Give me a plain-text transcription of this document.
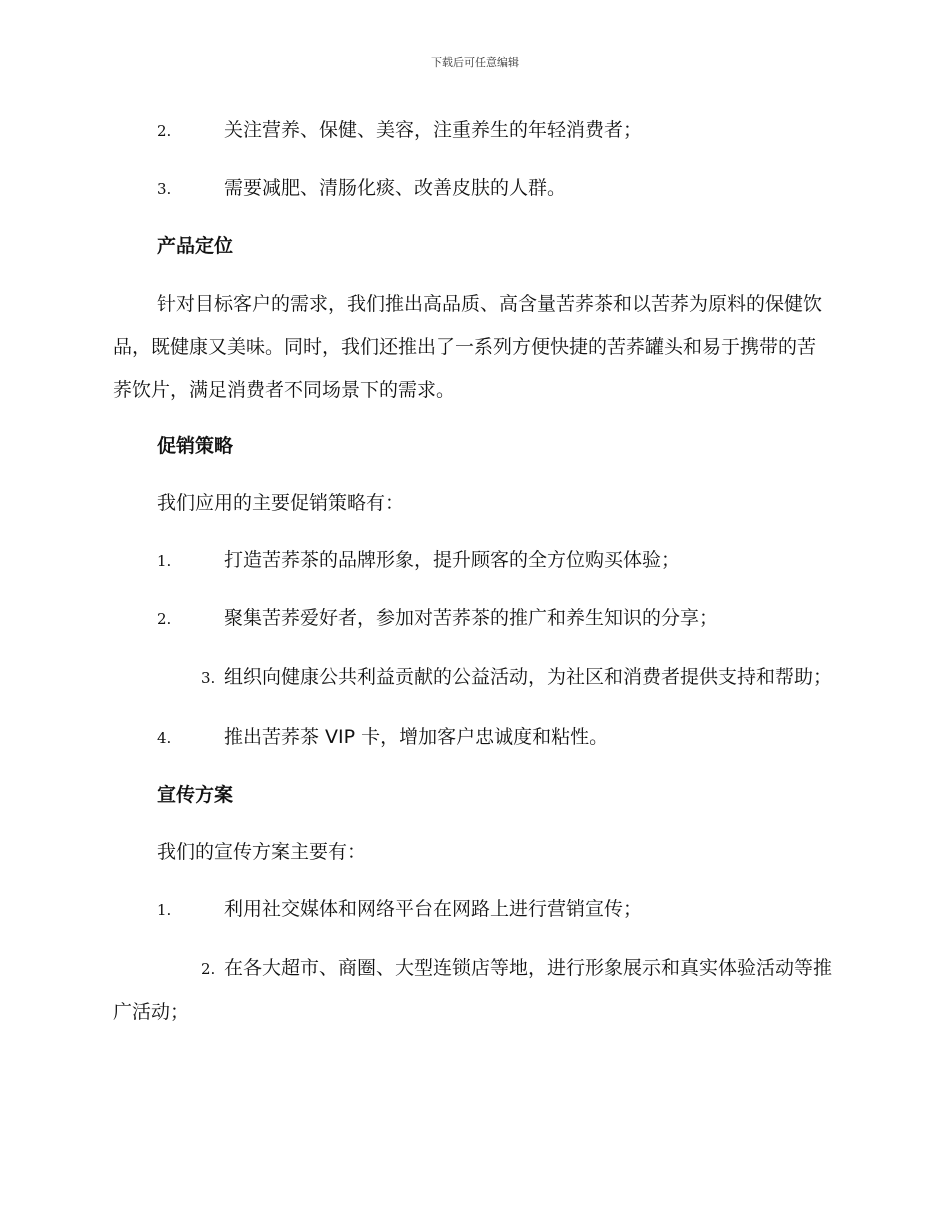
下载后可任意编辑
2.	关注营养、保健、美容，注重养生的年轻消费者；
3.	需要减肥、清肠化痰、改善皮肤的人群。
产品定位
针对目标客户的需求，我们推出高品质、高含量苦荞茶和以苦荞为原料的保健饮品，既健康又美味。同时，我们还推出了一系列方便快捷的苦荞罐头和易于携带的苦荞饮片，满足消费者不同场景下的需求。
促销策略
我们应用的主要促销策略有：
1.	打造苦荞茶的品牌形象，提升顾客的全方位购买体验；
2.	聚集苦荞爱好者，参加对苦荞茶的推广和养生知识的分享；
3. 组织向健康公共利益贡献的公益活动，为社区和消费者提供支持和帮助；
4.	推出苦荞茶 VIP 卡，增加客户忠诚度和粘性。
宣传方案
我们的宣传方案主要有：
1.	利用社交媒体和网络平台在网路上进行营销宣传；
2. 在各大超市、商圈、大型连锁店等地，进行形象展示和真实体验活动等推广活动；
